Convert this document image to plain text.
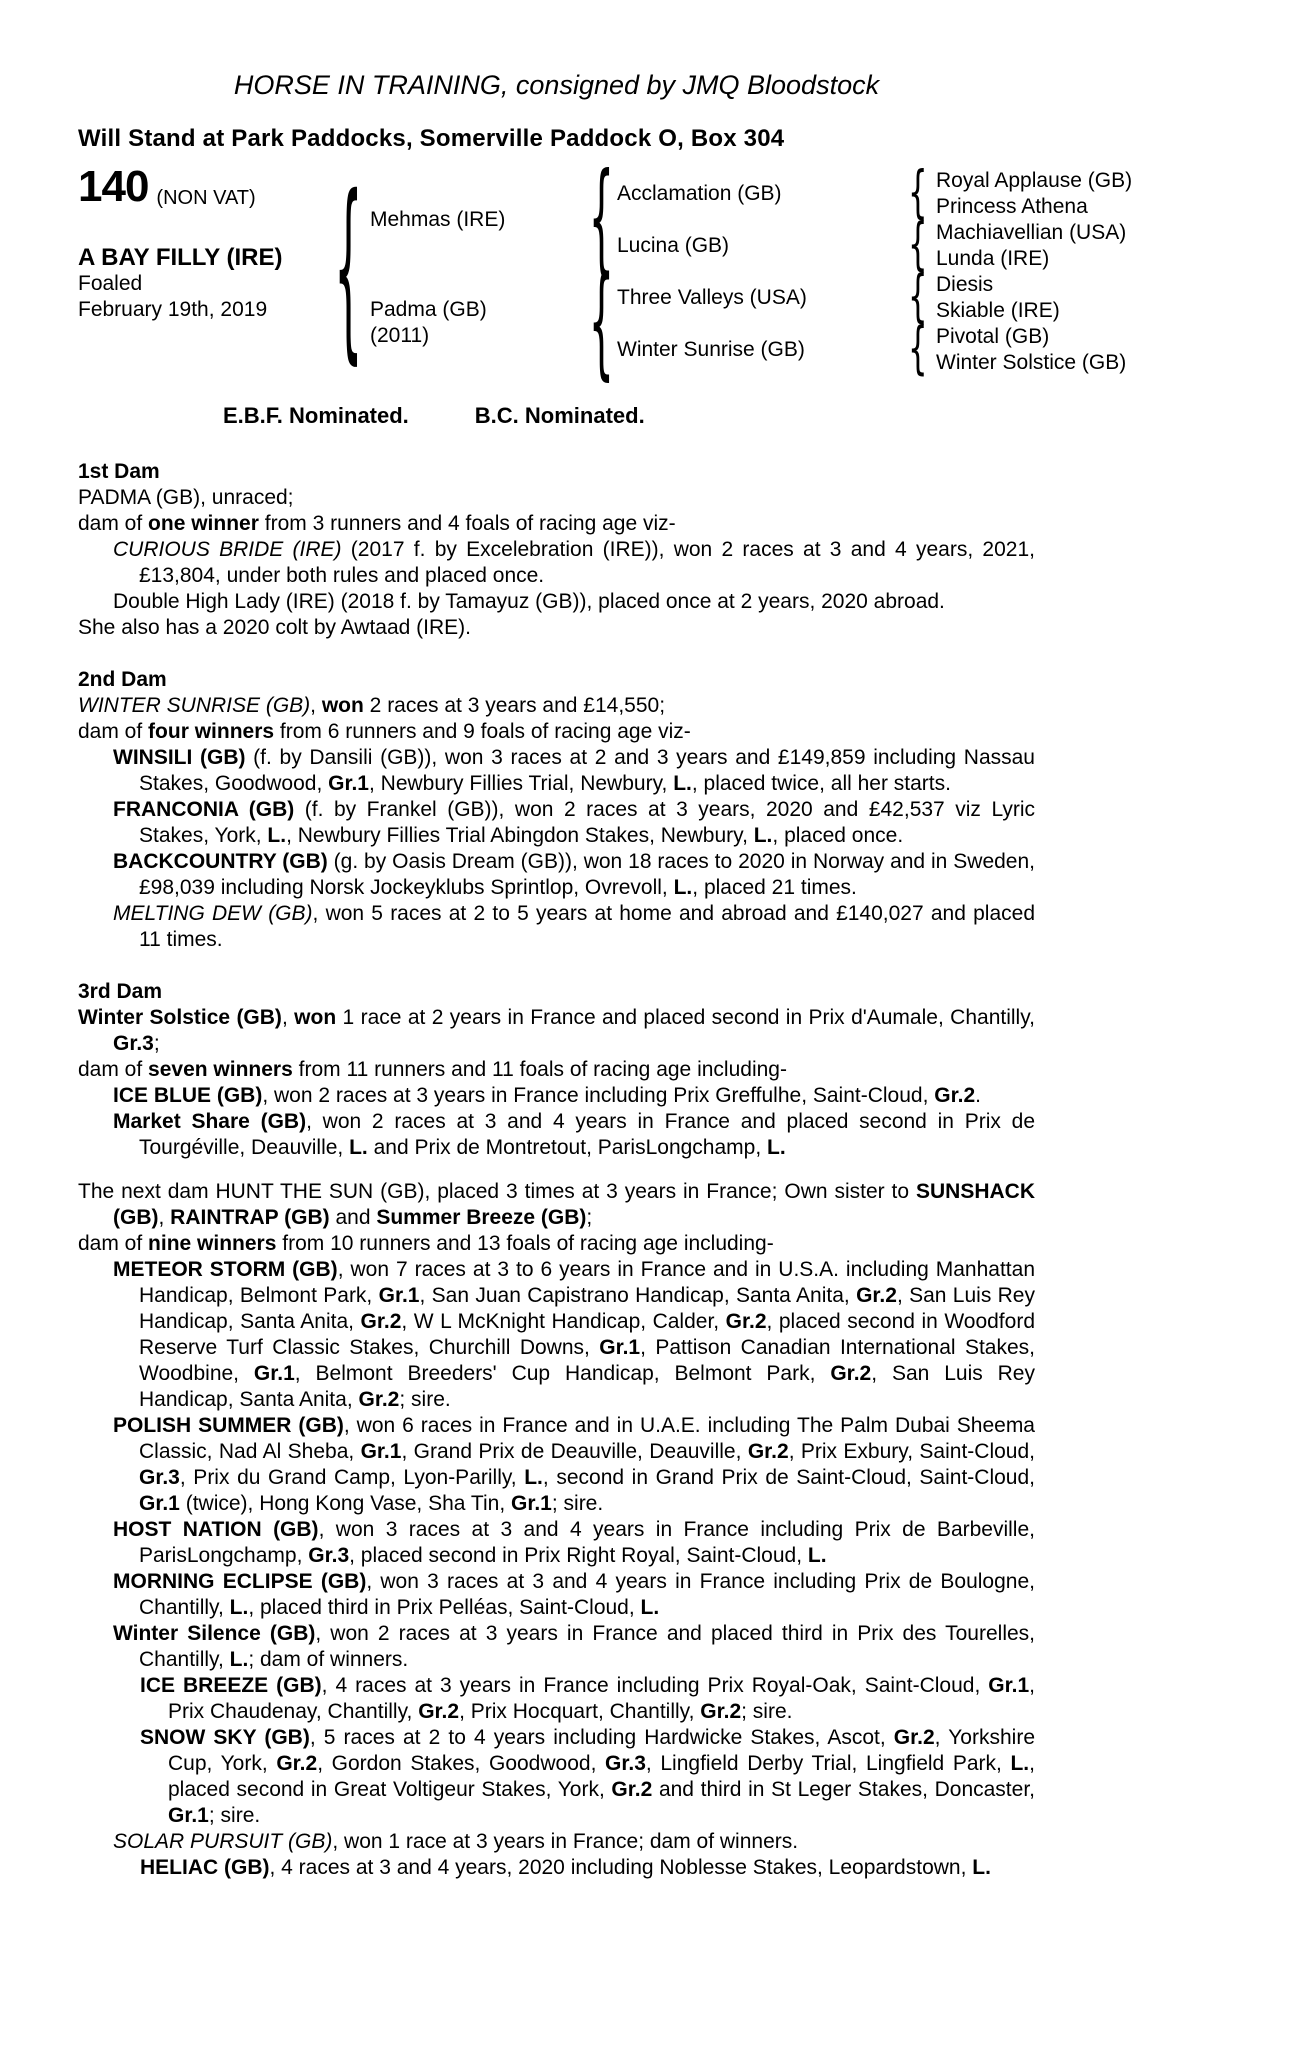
HORSE IN TRAINING, consigned by JMQ Bloodstock
Will Stand at Park Paddocks, Somerville Paddock O, Box 304
140 (NON VAT)
A BAY FILLY (IRE)
Foaled
February 19th, 2019 { Mehmas (IRE)
Padma (GB)
(2011)
{
{
Acclamation (GB)
Lucina (GB)
Three Valleys (USA)
Winter Sunrise (GB)
{
{
{
{
Royal Applause (GB)
Princess Athena
Machiavellian (USA)
Lunda (IRE)
Diesis
Skiable (IRE)
Pivotal (GB)
Winter Solstice (GB)
E.B.F. Nominated.	B.C. Nominated.
1st Dam

PADMA (GB), unraced;

dam of one winner from 3 runners and 4 foals of racing age viz-

CURIOUS BRIDE (IRE) (2017 f. by Excelebration (IRE)), won 2 races at 3 and 4 years, 2021, £13,804, under both rules and placed once.

Double High Lady (IRE) (2018 f. by Tamayuz (GB)), placed once at 2 years, 2020 abroad.

She also has a 2020 colt by Awtaad (IRE).

2nd Dam

WINTER SUNRISE (GB), won 2 races at 3 years and £14,550;

dam of four winners from 6 runners and 9 foals of racing age viz-

WINSILI (GB) (f. by Dansili (GB)), won 3 races at 2 and 3 years and £149,859 including Nassau Stakes, Goodwood, Gr.1, Newbury Fillies Trial, Newbury, L., placed twice, all her starts.

FRANCONIA (GB) (f. by Frankel (GB)), won 2 races at 3 years, 2020 and £42,537 viz Lyric Stakes, York, L., Newbury Fillies Trial Abingdon Stakes, Newbury, L., placed once.

BACKCOUNTRY (GB) (g. by Oasis Dream (GB)), won 18 races to 2020 in Norway and in Sweden, £98,039 including Norsk Jockeyklubs Sprintlop, Ovrevoll, L., placed 21 times.

MELTING DEW (GB), won 5 races at 2 to 5 years at home and abroad and £140,027 and placed 11 times.

3rd Dam

Winter Solstice (GB), won 1 race at 2 years in France and placed second in Prix d'Aumale, Chantilly, Gr.3;

dam of seven winners from 11 runners and 11 foals of racing age including-

ICE BLUE (GB), won 2 races at 3 years in France including Prix Greffulhe, Saint-Cloud, Gr.2.

Market Share (GB), won 2 races at 3 and 4 years in France and placed second in Prix de Tourgéville, Deauville, L. and Prix de Montretout, ParisLongchamp, L.

The next dam HUNT THE SUN (GB), placed 3 times at 3 years in France; Own sister to SUNSHACK (GB), RAINTRAP (GB) and Summer Breeze (GB);

dam of nine winners from 10 runners and 13 foals of racing age including-

METEOR STORM (GB), won 7 races at 3 to 6 years in France and in U.S.A. including Manhattan Handicap, Belmont Park, Gr.1, San Juan Capistrano Handicap, Santa Anita, Gr.2, San Luis Rey Handicap, Santa Anita, Gr.2, W L McKnight Handicap, Calder, Gr.2, placed second in Woodford Reserve Turf Classic Stakes, Churchill Downs, Gr.1, Pattison Canadian International Stakes, Woodbine, Gr.1, Belmont Breeders' Cup Handicap, Belmont Park, Gr.2, San Luis Rey Handicap, Santa Anita, Gr.2; sire.

POLISH SUMMER (GB), won 6 races in France and in U.A.E. including The Palm Dubai Sheema Classic, Nad Al Sheba, Gr.1, Grand Prix de Deauville, Deauville, Gr.2, Prix Exbury, Saint-Cloud, Gr.3, Prix du Grand Camp, Lyon-Parilly, L., second in Grand Prix de Saint-Cloud, Saint-Cloud, Gr.1 (twice), Hong Kong Vase, Sha Tin, Gr.1; sire.

HOST NATION (GB), won 3 races at 3 and 4 years in France including Prix de Barbeville, ParisLongchamp, Gr.3, placed second in Prix Right Royal, Saint-Cloud, L.

MORNING ECLIPSE (GB), won 3 races at 3 and 4 years in France including Prix de Boulogne, Chantilly, L., placed third in Prix Pelléas, Saint-Cloud, L.

Winter Silence (GB), won 2 races at 3 years in France and placed third in Prix des Tourelles, Chantilly, L.; dam of winners.

ICE BREEZE (GB), 4 races at 3 years in France including Prix Royal-Oak, Saint-Cloud, Gr.1, Prix Chaudenay, Chantilly, Gr.2, Prix Hocquart, Chantilly, Gr.2; sire.

SNOW SKY (GB), 5 races at 2 to 4 years including Hardwicke Stakes, Ascot, Gr.2, Yorkshire Cup, York, Gr.2, Gordon Stakes, Goodwood, Gr.3, Lingfield Derby Trial, Lingfield Park, L., placed second in Great Voltigeur Stakes, York, Gr.2 and third in St Leger Stakes, Doncaster, Gr.1; sire.

SOLAR PURSUIT (GB), won 1 race at 3 years in France; dam of winners.

HELIAC (GB), 4 races at 3 and 4 years, 2020 including Noblesse Stakes, Leopardstown, L.
